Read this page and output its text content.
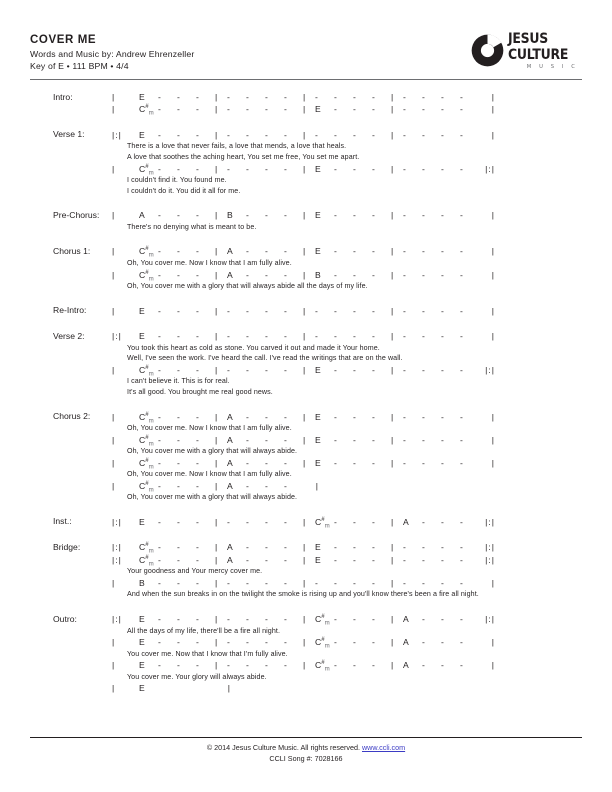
COVER ME
Words and Music by: Andrew Ehrenzeller
Key of E • 111 BPM • 4/4
JESUS
CULTURE
M U S I C
Intro:	|	E	-	-	-	|	-	-	-	-	|	-	-	-	-	|	-	-	-	-	|
|	$C^{\#}_m$ -	-	-	|	-	-	-	-	|	E	-	-	-	|	-	-	-	-	|
Verse 1:	|:|	E	-	-	-	|	-	-	-	-	|	-	-	-	-	|	-	-	-	-	|
There is a love that never fails, a love that mends, a love that heals.
A love that soothes the aching heart, You set me free, You set me apart.
|	$C^{\#}_m$ -	-	-	|	-	-	-	-	|	E	-	-	-	|	-	-	-	-	|:|
I couldn't find it. You found me.
I couldn't do it. You did it all for me.
Pre-Chorus:	|	A	-	-	-	|	B	-	-	-	|	E	-	-	-	|	-	-	-	-	|
There's no denying what is meant to be.
Chorus 1:	|	$C^{\#}_m$ -	-	-	|	A	-	-	-	|	E	-	-	-	|	-	-	-	-	|
Oh, You cover me. Now I know that I am fully alive.
|	$C^{\#}_m$ -	-	-	|	A	-	-	-	|	B	-	-	-	|	-	-	-	-	|
Oh, You cover me with a glory that will always abide all the days of my life.
Re-Intro:	|	E	-	-	-	|	-	-	-	-	|	-	-	-	-	|	-	-	-	-	|
Verse 2:	|:|	E	-	-	-	|	-	-	-	-	|	-	-	-	-	|	-	-	-	-	|
You took this heart as cold as stone. You carved it out and made it Your home.
Well, I've seen the work. I've heard the call. I've read the writings that are on the wall.
|	$C^{\#}_m$ -	-	-	|	-	-	-	-	|	E	-	-	-	|	-	-	-	-	|:|
I can't believe it. This is for real.
It's all good. You brought me real good news.
Chorus 2:	|	$C^{\#}_m$ -	-	-	|	A	-	-	-	|	E	-	-	-	|	-	-	-	-	|
Oh, You cover me. Now I know that I am fully alive.
|	$C^{\#}_m$ -	-	-	|	A	-	-	-	|	E	-	-	-	|	-	-	-	-	|
Oh, You cover me with a glory that will always abide.
|	$C^{\#}_m$ -	-	-	|	A	-	-	-	|	E	-	-	-	|	-	-	-	-	|
Oh, You cover me. Now I know that I am fully alive.
|	$C^{\#}_m$ -	-	-	|	A	-	-	-	|
Oh, You cover me with a glory that will always abide.
Inst.:	|:|	E	-	-	-	|	-	-	-	-	|	$C^{\#}_m$ -	-	-	|	A	-	-	-	|:|
Bridge:	|:|	$C^{\#}_m$ -	-	-	|	A	-	-	-	|	E	-	-	-	|	-	-	-	-	|:|
|:|	$C^{\#}_m$ -	-	-	|	A	-	-	-	|	E	-	-	-	|	-	-	-	-	|:|
Your goodness and Your mercy cover me.
|	B	-	-	-	|	-	-	-	-	|	-	-	-	-	|	-	-	-	-	|
And when the sun breaks in on the twilight the smoke is rising up and you'll know there's been a fire all night.
Outro:	|:|	E	-	-	-	|	-	-	-	-	|	$C^{\#}_m$ -	-	-	|	A	-	-	-	|:|
All the days of my life, there'll be a fire all night.
|	E	-	-	-	|	-	-	-	-	|	$C^{\#}_m$ -	-	-	|	A	-	-	-	|
You cover me. Now that I know that I'm fully alive.
|	E	-	-	-	|	-	-	-	-	|	$C^{\#}_m$ -	-	-	|	A	-	-	-	|
You cover me. Your glory will always abide.
|	E	|
© 2014 Jesus Culture Music. All rights reserved. www.ccli.com
CCLI Song #: 7028166
